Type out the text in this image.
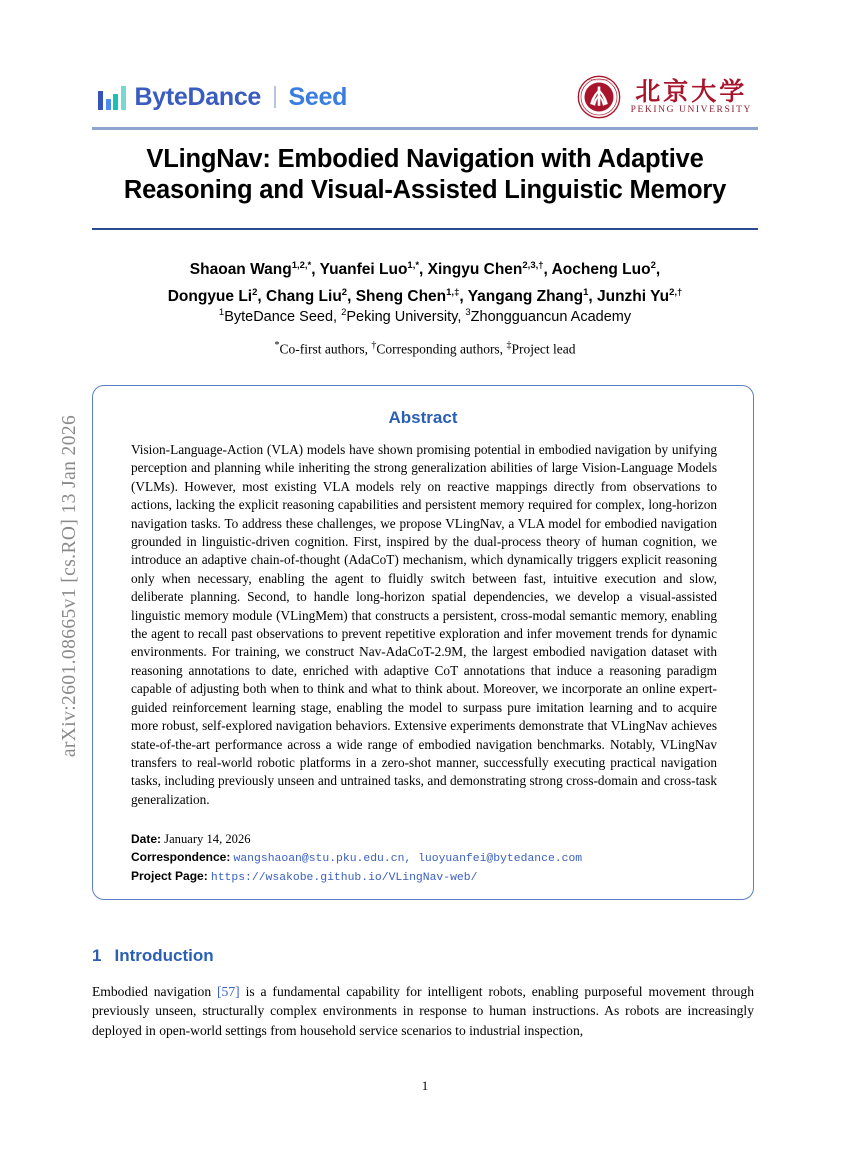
arXiv:2601.08665v1 [cs.RO] 13 Jan 2026
ByteDance Seed
PEKING UNIVERSITY 北京大学
PEKING UNIVERSITY
VLingNav: Embodied Navigation with Adaptive Reasoning and Visual-Assisted Linguistic Memory
Shaoan Wang$^{1,2,*}$, Yuanfei Luo$^{1,*}$, Xingyu Chen$^{2,3,\dagger}$, Aocheng Luo$^2$,
Dongyue Li$^2$, Chang Liu$^2$, Sheng Chen$^{1,\ddagger}$, Yangang Zhang$^1$, Junzhi $Yu^{2,\dagger}$
$^1$ByteDance Seed, $^2$Peking University, $^3$Zhongguancun Academy
*Co-first authors, †Corresponding authors, ‡Project lead
Abstract
Vision-Language-Action (VLA) models have shown promising potential in embodied navigation by unifying perception and planning while inheriting the strong generalization abilities of large Vision-Language Models (VLMs). However, most existing VLA models rely on reactive mappings directly from observations to actions, lacking the explicit reasoning capabilities and persistent memory required for complex, long-horizon navigation tasks. To address these challenges, we propose VLingNav, a VLA model for embodied navigation grounded in linguistic-driven cognition. First, inspired by the dual-process theory of human cognition, we introduce an adaptive chain-of-thought (AdaCoT) mechanism, which dynamically triggers explicit reasoning only when necessary, enabling the agent to fluidly switch between fast, intuitive execution and slow, deliberate planning. Second, to handle long-horizon spatial dependencies, we develop a visual-assisted linguistic memory module (VLingMem) that constructs a persistent, cross-modal semantic memory, enabling the agent to recall past observations to prevent repetitive exploration and infer movement trends for dynamic environments. For training, we construct Nav-AdaCoT-2.9M, the largest embodied navigation dataset with reasoning annotations to date, enriched with adaptive CoT annotations that induce a reasoning paradigm capable of adjusting both when to think and what to think about. Moreover, we incorporate an online expert-guided reinforcement learning stage, enabling the model to surpass pure imitation learning and to acquire more robust, self-explored navigation behaviors. Extensive experiments demonstrate that VLingNav achieves state-of-the-art performance across a wide range of embodied navigation benchmarks. Notably, VLingNav transfers to real-world robotic platforms in a zero-shot manner, successfully executing practical navigation tasks, including previously unseen and untrained tasks, and demonstrating strong cross-domain and cross-task generalization.
Date: January 14, 2026
Correspondence: wangshaoan@stu.pku.edu.cn, luoyuanfei@bytedance.com
Project Page: https://wsakobe.github.io/VLingNav-web/
1 Introduction
Embodied navigation [57] is a fundamental capability for intelligent robots, enabling purposeful movement through previously unseen, structurally complex environments in response to human instructions. As robots are increasingly deployed in open-world settings from household service scenarios to industrial inspection,
1
